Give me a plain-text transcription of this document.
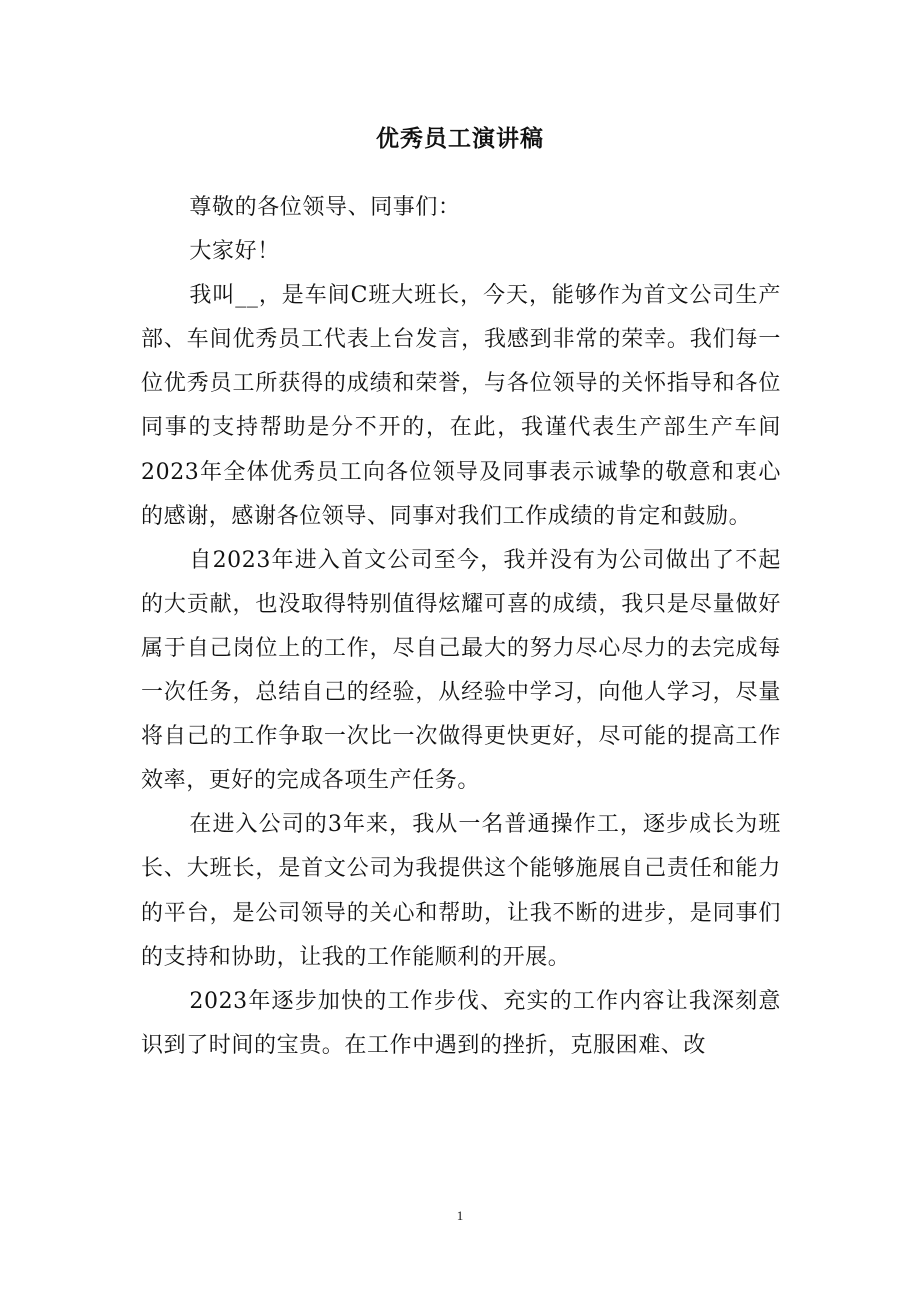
优秀员工演讲稿

尊敬的各位领导、同事们：

大家好！

我叫__，是车间C班大班长，今天，能够作为首文公司生产部、车间优秀员工代表上台发言，我感到非常的荣幸。我们每一位优秀员工所获得的成绩和荣誉，与各位领导的关怀指导和各位同事的支持帮助是分不开的，在此，我谨代表生产部生产车间2023年全体优秀员工向各位领导及同事表示诚挚的敬意和衷心的感谢，感谢各位领导、同事对我们工作成绩的肯定和鼓励。

自2023年进入首文公司至今，我并没有为公司做出了不起的大贡献，也没取得特别值得炫耀可喜的成绩，我只是尽量做好属于自己岗位上的工作，尽自己最大的努力尽心尽力的去完成每一次任务，总结自己的经验，从经验中学习，向他人学习，尽量将自己的工作争取一次比一次做得更快更好，尽可能的提高工作效率，更好的完成各项生产任务。

在进入公司的3年来，我从一名普通操作工，逐步成长为班长、大班长，是首文公司为我提供这个能够施展自己责任和能力的平台，是公司领导的关心和帮助，让我不断的进步，是同事们的支持和协助，让我的工作能顺利的开展。

2023年逐步加快的工作步伐、充实的工作内容让我深刻意识到了时间的宝贵。在工作中遇到的挫折，克服困难、改

1
